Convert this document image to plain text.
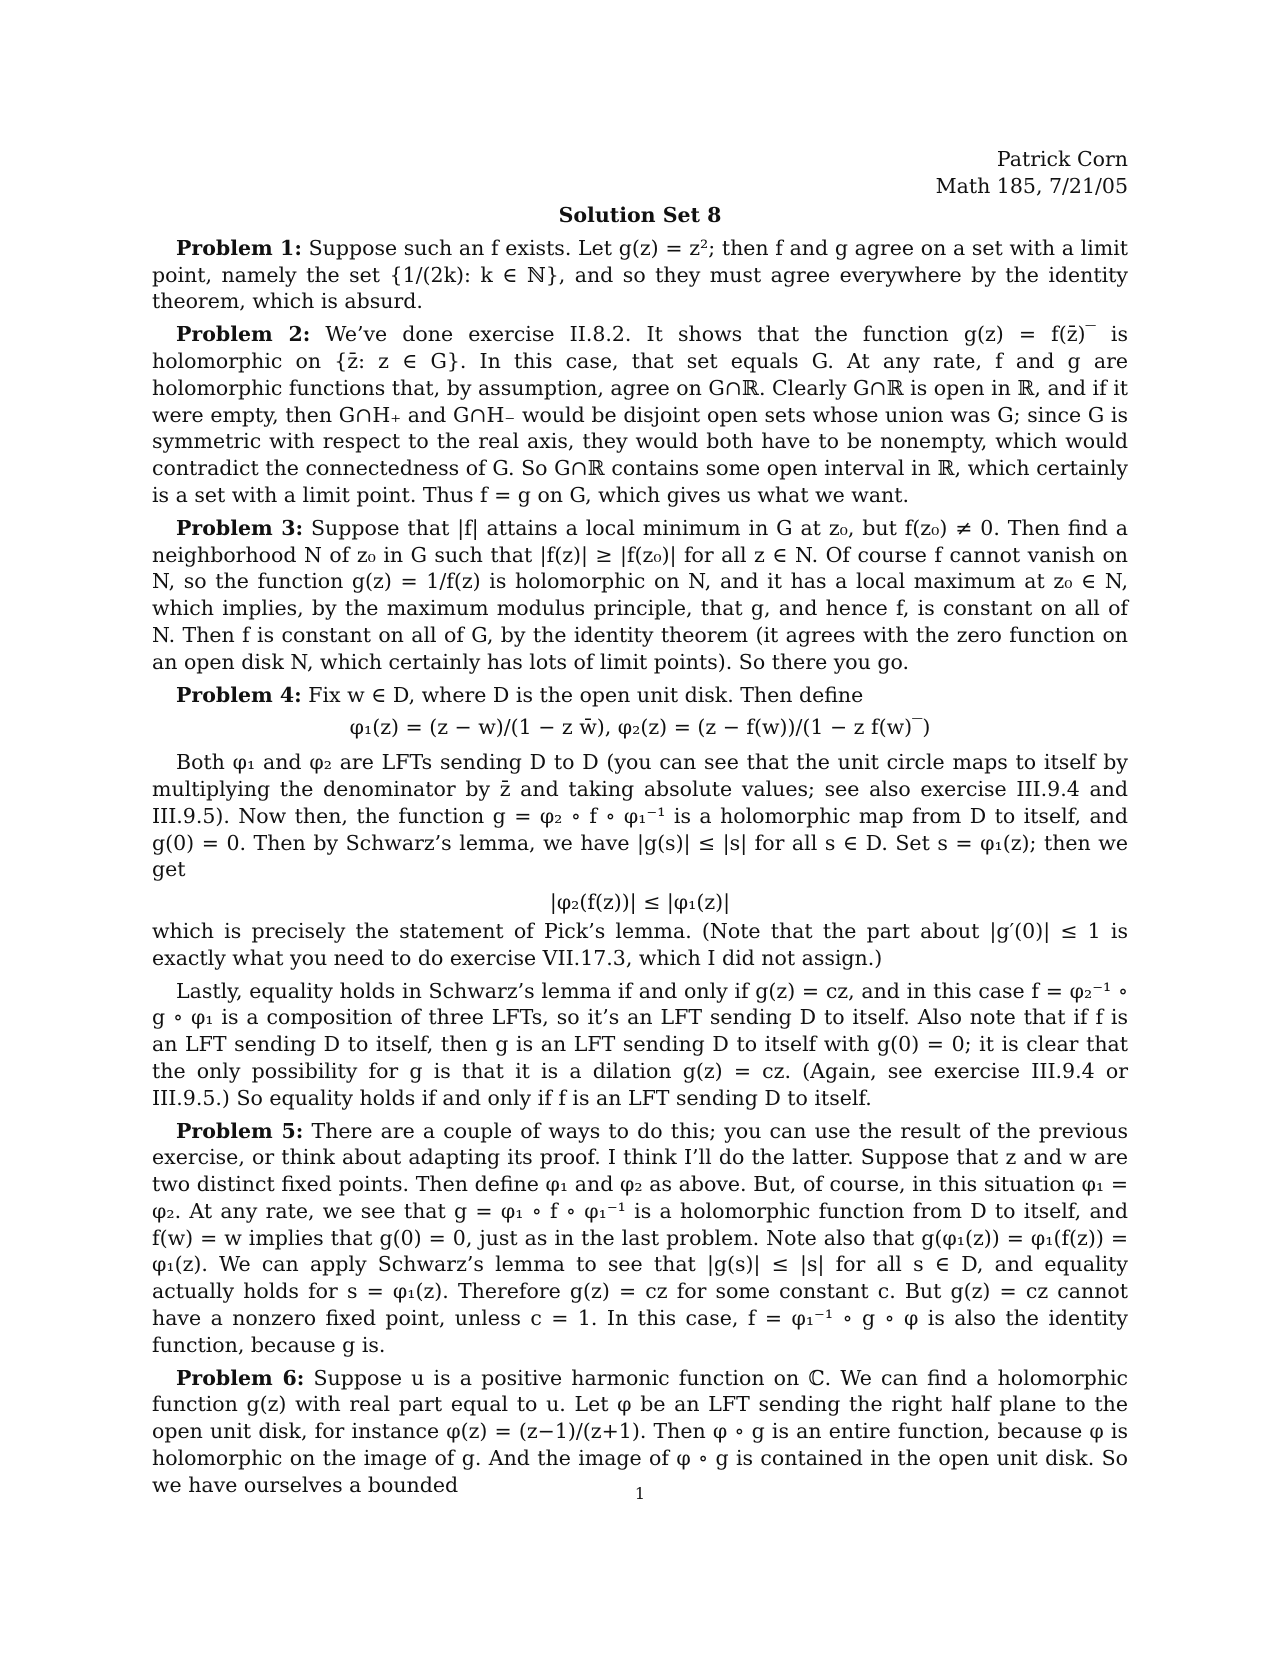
Patrick Corn
Math 185, 7/21/05
Solution Set 8

Problem 1: Suppose such an f exists. Let g(z) = z²; then f and g agree on a set with a limit point, namely the set {1/(2k): k ∈ ℕ}, and so they must agree everywhere by the identity theorem, which is absurd.

Problem 2: We’ve done exercise II.8.2. It shows that the function g(z) = f(z̄)‾ is holomorphic on {z̄: z ∈ G}. In this case, that set equals G. At any rate, f and g are holomorphic functions that, by assumption, agree on G∩ℝ. Clearly G∩ℝ is open in ℝ, and if it were empty, then G∩H₊ and G∩H₋ would be disjoint open sets whose union was G; since G is symmetric with respect to the real axis, they would both have to be nonempty, which would contradict the connectedness of G. So G∩ℝ contains some open interval in ℝ, which certainly is a set with a limit point. Thus f = g on G, which gives us what we want.

Problem 3: Suppose that |f| attains a local minimum in G at z₀, but f(z₀) ≠ 0. Then find a neighborhood N of z₀ in G such that |f(z)| ≥ |f(z₀)| for all z ∈ N. Of course f cannot vanish on N, so the function g(z) = 1/f(z) is holomorphic on N, and it has a local maximum at z₀ ∈ N, which implies, by the maximum modulus principle, that g, and hence f, is constant on all of N. Then f is constant on all of G, by the identity theorem (it agrees with the zero function on an open disk N, which certainly has lots of limit points). So there you go.

Problem 4: Fix w ∈ D, where D is the open unit disk. Then define

φ₁(z) = (z − w)/(1 − z w̄), φ₂(z) = (z − f(w))/(1 − z f(w)‾)

Both φ₁ and φ₂ are LFTs sending D to D (you can see that the unit circle maps to itself by multiplying the denominator by z̄ and taking absolute values; see also exercise III.9.4 and III.9.5). Now then, the function g = φ₂ ∘ f ∘ φ₁⁻¹ is a holomorphic map from D to itself, and g(0) = 0. Then by Schwarz’s lemma, we have |g(s)| ≤ |s| for all s ∈ D. Set s = φ₁(z); then we get

|φ₂(f(z))| ≤ |φ₁(z)|

which is precisely the statement of Pick’s lemma. (Note that the part about |g′(0)| ≤ 1 is exactly what you need to do exercise VII.17.3, which I did not assign.)

Lastly, equality holds in Schwarz’s lemma if and only if g(z) = cz, and in this case f = φ₂⁻¹ ∘ g ∘ φ₁ is a composition of three LFTs, so it’s an LFT sending D to itself. Also note that if f is an LFT sending D to itself, then g is an LFT sending D to itself with g(0) = 0; it is clear that the only possibility for g is that it is a dilation g(z) = cz. (Again, see exercise III.9.4 or III.9.5.) So equality holds if and only if f is an LFT sending D to itself.

Problem 5: There are a couple of ways to do this; you can use the result of the previous exercise, or think about adapting its proof. I think I’ll do the latter. Suppose that z and w are two distinct fixed points. Then define φ₁ and φ₂ as above. But, of course, in this situation φ₁ = φ₂. At any rate, we see that g = φ₁ ∘ f ∘ φ₁⁻¹ is a holomorphic function from D to itself, and f(w) = w implies that g(0) = 0, just as in the last problem. Note also that g(φ₁(z)) = φ₁(f(z)) = φ₁(z). We can apply Schwarz’s lemma to see that |g(s)| ≤ |s| for all s ∈ D, and equality actually holds for s = φ₁(z). Therefore g(z) = cz for some constant c. But g(z) = cz cannot have a nonzero fixed point, unless c = 1. In this case, f = φ₁⁻¹ ∘ g ∘ φ is also the identity function, because g is.

Problem 6: Suppose u is a positive harmonic function on ℂ. We can find a holomorphic function g(z) with real part equal to u. Let φ be an LFT sending the right half plane to the open unit disk, for instance φ(z) = (z−1)/(z+1). Then φ ∘ g is an entire function, because φ is holomorphic on the image of g. And the image of φ ∘ g is contained in the open unit disk. So we have ourselves a bounded	1
